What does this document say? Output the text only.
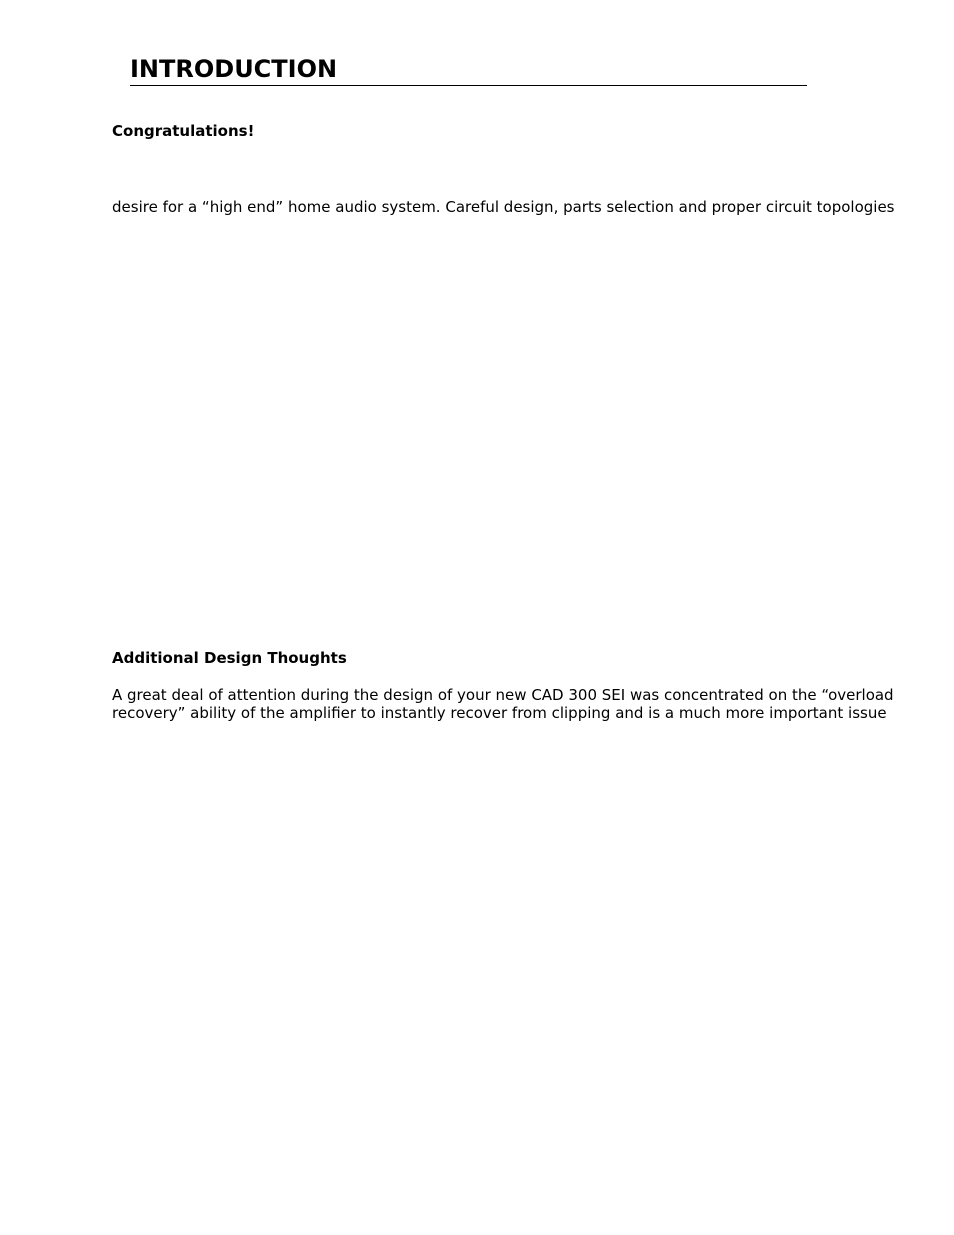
INTRODUCTION
Congratulations!
desire for a “high end” home audio system. Careful design, parts selection and proper circuit topologies
Additional Design Thoughts
A great deal of attention during the design of your new CAD 300 SEI was concentrated on the “overload
recovery” ability of the amplifier to instantly recover from clipping and is a much more important issue
